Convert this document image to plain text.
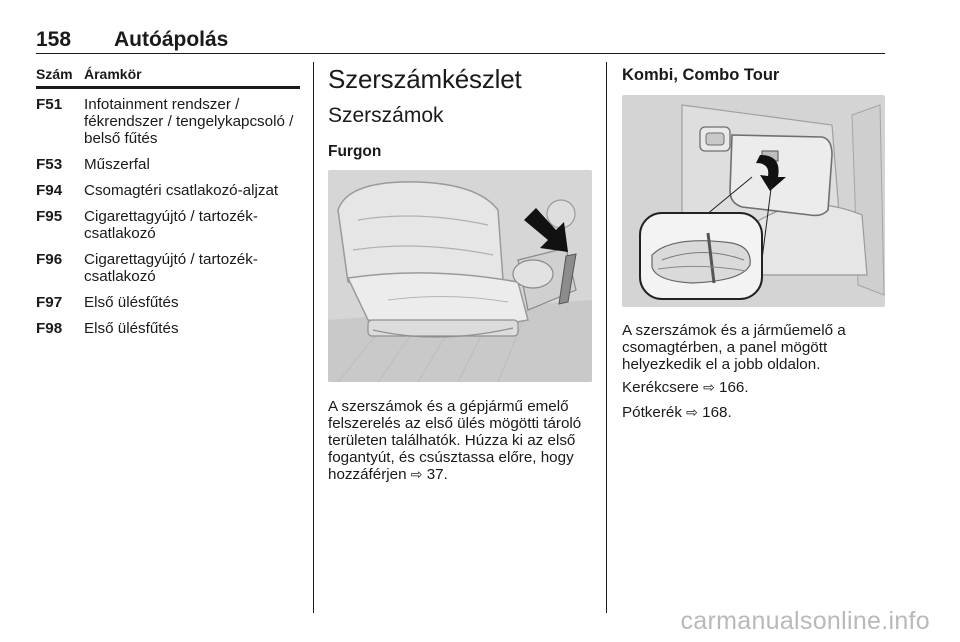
158 Autóápolás
Szám Áramkör
F51	Infotainment rendszer / fékrendszer / tengelykapcsoló / belső fűtés
F53	Műszerfal
F94	Csomagtéri csatlakozó-aljzat
F95	Cigarettagyújtó / tartozék-csatlakozó
F96	Cigarettagyújtó / tartozék-csatlakozó
F97	Első ülésfűtés
F98	Első ülésfűtés
Szerszámkészlet
Szerszámok
Furgon

A szerszámok és a gépjármű emelő felszerelés az első ülés mögötti tároló területen találhatók. Húzza ki az első fogantyút, és csúsztassa előre, hogy hozzáférjen ⇨ 37.

Kombi, Combo Tour

A szerszámok és a járműemelő a csomagtérben, a panel mögött helyezkedik el a jobb oldalon.

Kerékcsere ⇨ 166.
Pótkerék ⇨ 168.
carmanualsonline.info
